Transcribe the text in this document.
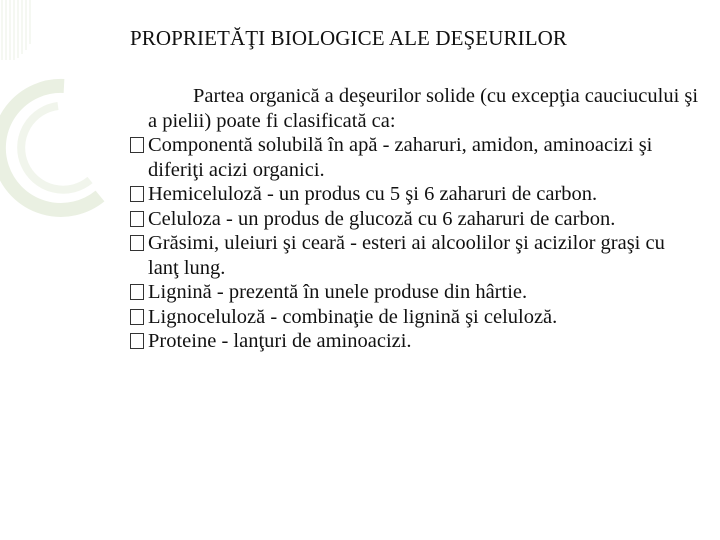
PROPRIETĂŢI BIOLOGICE ALE DEŞEURILOR

Partea organică a deşeurilor solide (cu excepţia cauciucului şi a pielii) poate fi clasificată ca:

Componentă solubilă în apă - zaharuri, amidon, aminoacizi şi diferiţi acizi organici.
Hemiceluloză - un produs cu 5 şi 6 zaharuri de carbon.
Celuloza - un produs de glucoză cu 6 zaharuri de carbon.
Grăsimi, uleiuri şi ceară - esteri ai alcoolilor şi acizilor graşi cu lanţ lung.
Lignină - prezentă în unele produse din hârtie.
Lignoceluloză - combinaţie de lignină şi celuloză.
Proteine - lanţuri de aminoacizi.
